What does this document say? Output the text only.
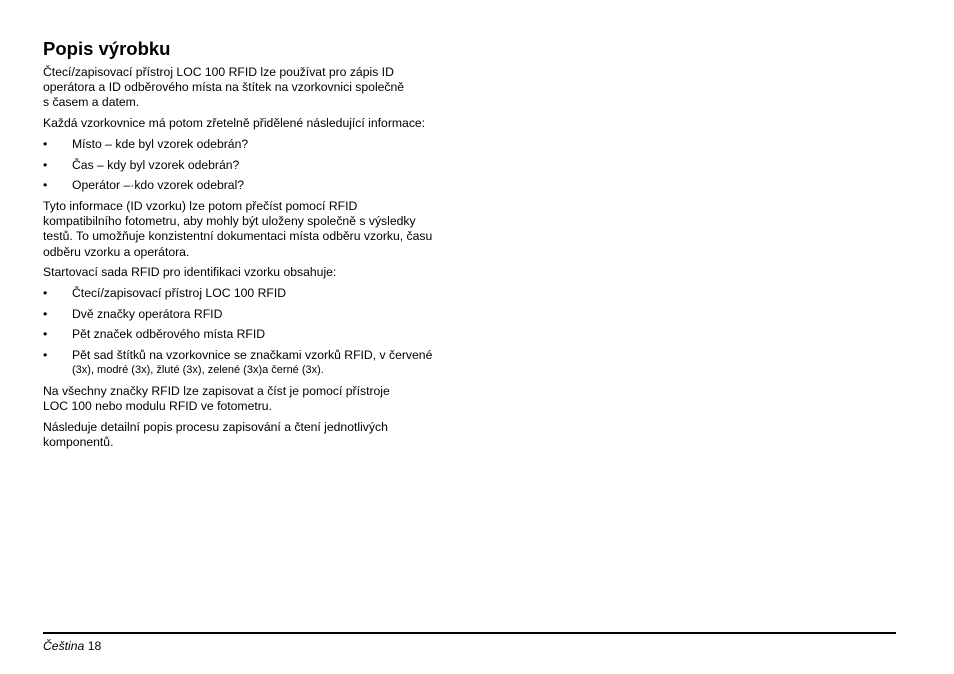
Popis výrobku

Čtecí/zapisovací přístroj LOC 100 RFID lze používat pro zápis ID
operátora a ID odběrového místa na štítek na vzorkovnici společně
s časem a datem.

Každá vzorkovnice má potom zřetelně přidělené následující informace:

• Místo – kde byl vzorek odebrán?
• Čas – kdy byl vzorek odebrán?
• Operátor –·kdo vzorek odebral?

Tyto informace (ID vzorku) lze potom přečíst pomocí RFID
kompatibilního fotometru, aby mohly být uloženy společně s výsledky
testů. To umožňuje konzistentní dokumentaci místa odběru vzorku, času
odběru vzorku a operátora.

Startovací sada RFID pro identifikaci vzorku obsahuje:

• Čtecí/zapisovací přístroj LOC 100 RFID
• Dvě značky operátora RFID
• Pět značek odběrového místa RFID
• Pět sad štítků na vzorkovnice se značkami vzorků RFID, v červené
(3x), modré (3x), žluté (3x), zelené (3x)a černé (3x).

Na všechny značky RFID lze zapisovat a číst je pomocí přístroje
LOC 100 nebo modulu RFID ve fotometru.

Následuje detailní popis procesu zapisování a čtení jednotlivých
komponentů.

Čeština 18
